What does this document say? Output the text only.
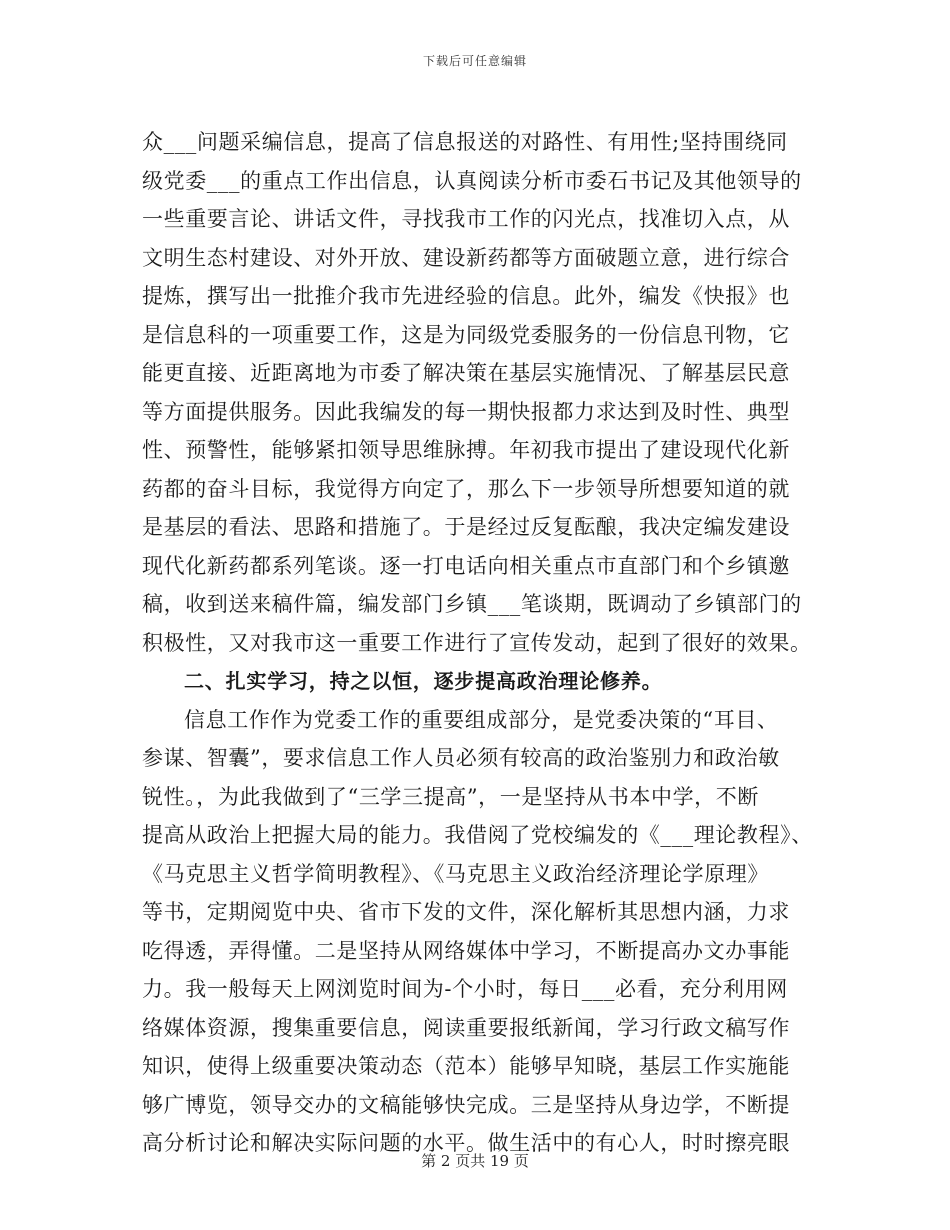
下载后可任意编辑
众___问题采编信息，提高了信息报送的对路性、有用性;坚持围绕同
级党委___的重点工作出信息，认真阅读分析市委石书记及其他领导的
一些重要言论、讲话文件，寻找我市工作的闪光点，找准切入点，从
文明生态村建设、对外开放、建设新药都等方面破题立意，进行综合
提炼，撰写出一批推介我市先进经验的信息。此外，编发《快报》也
是信息科的一项重要工作，这是为同级党委服务的一份信息刊物，它
能更直接、近距离地为市委了解决策在基层实施情况、了解基层民意
等方面提供服务。因此我编发的每一期快报都力求达到及时性、典型
性、预警性，能够紧扣领导思维脉搏。年初我市提出了建设现代化新
药都的奋斗目标，我觉得方向定了，那么下一步领导所想要知道的就
是基层的看法、思路和措施了。于是经过反复酝酿，我决定编发建设
现代化新药都系列笔谈。逐一打电话向相关重点市直部门和个乡镇邀
稿，收到送来稿件篇，编发部门乡镇___笔谈期，既调动了乡镇部门的
积极性，又对我市这一重要工作进行了宣传发动，起到了很好的效果。
二、扎实学习，持之以恒，逐步提高政治理论修养。
信息工作作为党委工作的重要组成部分，是党委决策的“耳目、
参谋、智囊”，要求信息工作人员必须有较高的政治鉴别力和政治敏
锐性。，为此我做到了“三学三提高”，一是坚持从书本中学，不断
提高从政治上把握大局的能力。我借阅了党校编发的《___理论教程》、
《马克思主义哲学简明教程》、《马克思主义政治经济理论学原理》
等书，定期阅览中央、省市下发的文件，深化解析其思想内涵，力求
吃得透，弄得懂。二是坚持从网络媒体中学习，不断提高办文办事能
力。我一般每天上网浏览时间为-个小时，每日___必看，充分利用网
络媒体资源，搜集重要信息，阅读重要报纸新闻，学习行政文稿写作
知识，使得上级重要决策动态（范本）能够早知晓，基层工作实施能
够广博览，领导交办的文稿能够快完成。三是坚持从身边学，不断提
高分析讨论和解决实际问题的水平。做生活中的有心人，时时擦亮眼
第 2 页共 19 页
